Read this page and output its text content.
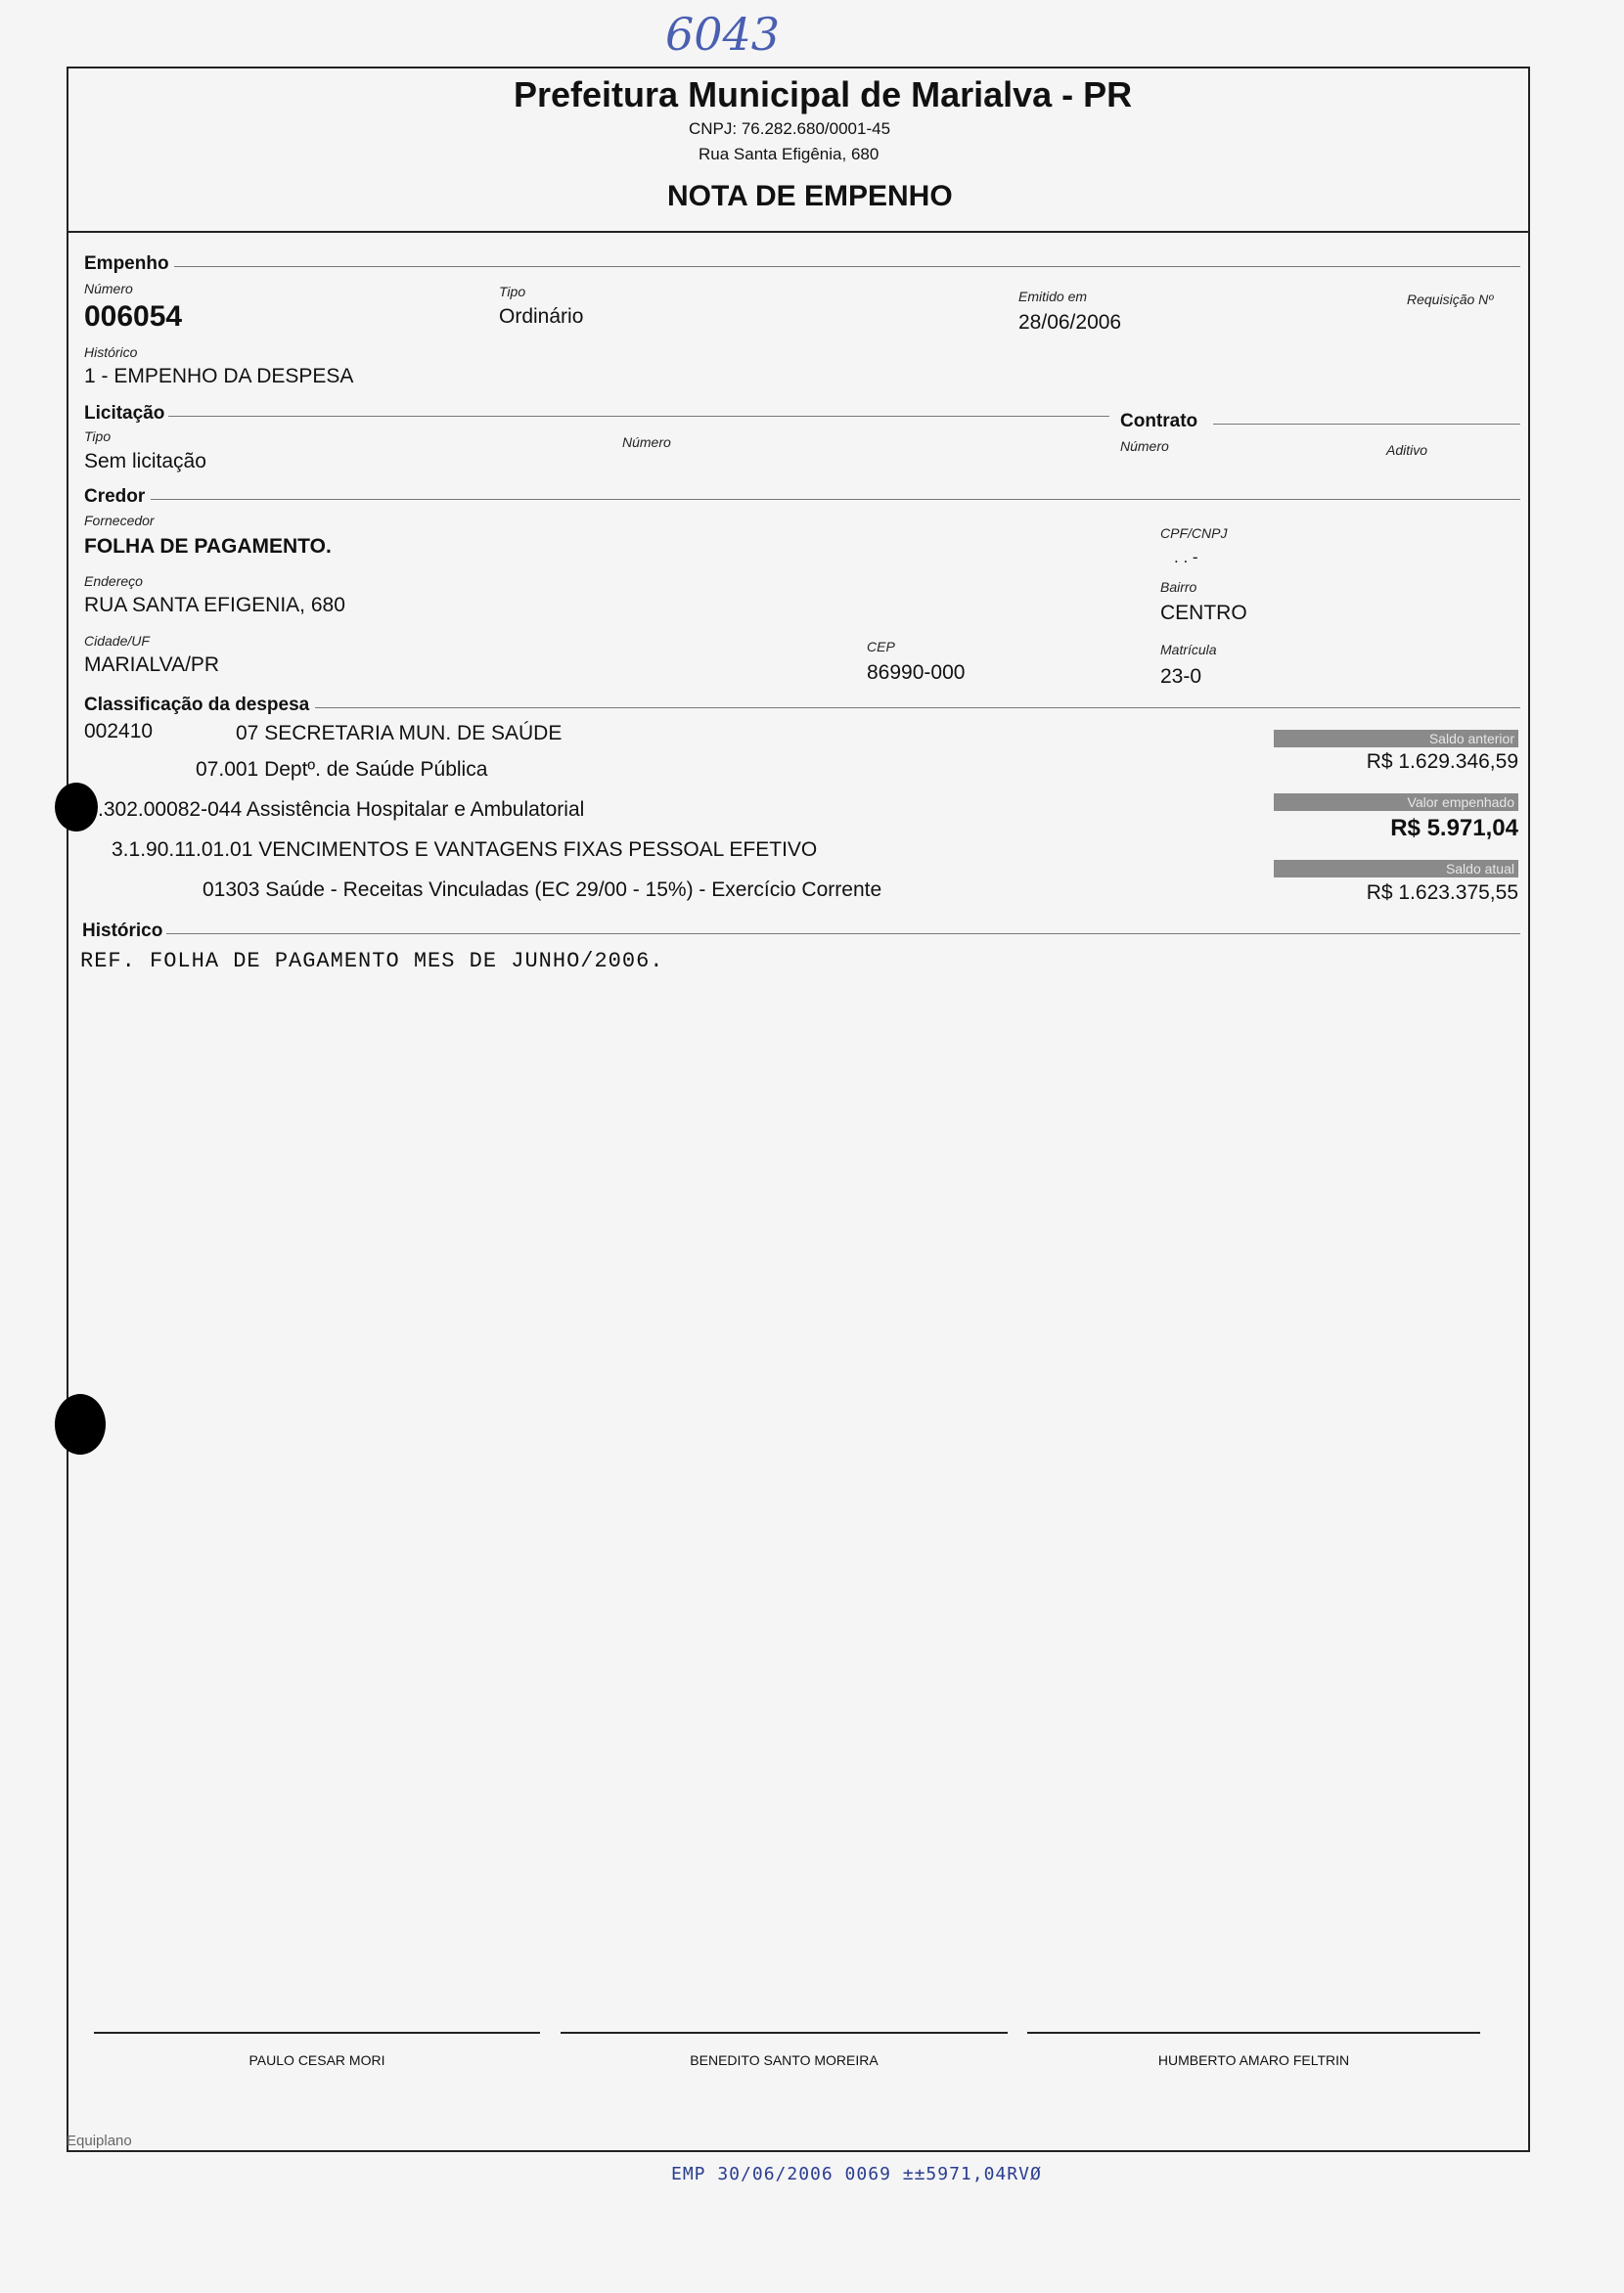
6043
Prefeitura Municipal de Marialva - PR
CNPJ: 76.282.680/0001-45
Rua Santa Efigênia, 680
NOTA DE EMPENHO
Empenho
Número
006054
Tipo
Ordinário
Emitido em
28/06/2006
Requisição Nº
Histórico
1 - EMPENHO DA DESPESA
Licitação	Contrato
Tipo
Sem licitação
Número	Número	Aditivo
Credor
Fornecedor
FOLHA DE PAGAMENTO.
CPF/CNPJ
. . -
Endereço
RUA SANTA EFIGENIA, 680
Bairro
CENTRO
Cidade/UF
MARIALVA/PR
CEP
86990-000
Matrícula
23-0
Classificação da despesa
002410	07 SECRETARIA MUN. DE SAÚDE
07.001 Deptº. de Saúde Pública
.302.00082-044 Assistência Hospitalar e Ambulatorial
3.1.90.11.01.01 VENCIMENTOS E VANTAGENS FIXAS PESSOAL EFETIVO
01303 Saúde - Receitas Vinculadas (EC 29/00 - 15%) - Exercício Corrente
Saldo anterior
R$ 1.629.346,59
Valor empenhado
R$ 5.971,04
Saldo atual
R$ 1.623.375,55
Histórico
REF. FOLHA DE PAGAMENTO MES DE JUNHO/2006.
PAULO CESAR MORI	BENEDITO SANTO MOREIRA	HUMBERTO AMARO FELTRIN
Equiplano
EMP 30/06/2006 0069 ±±5971,04RVØ
